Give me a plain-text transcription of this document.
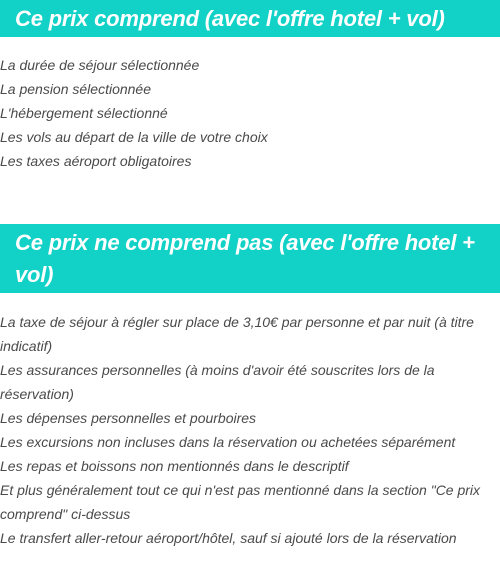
Ce prix comprend (avec l'offre hotel + vol)
La durée de séjour sélectionnée
La pension sélectionnée
L'hébergement sélectionné
Les vols au départ de la ville de votre choix
Les taxes aéroport obligatoires
Ce prix ne comprend pas (avec l'offre hotel + vol)
La taxe de séjour à régler sur place de 3,10€ par personne et par nuit (à titre indicatif)
Les assurances personnelles (à moins d'avoir été souscrites lors de la réservation)
Les dépenses personnelles et pourboires
Les excursions non incluses dans la réservation ou achetées séparément
Les repas et boissons non mentionnés dans le descriptif
Et plus généralement tout ce qui n'est pas mentionné dans la section "Ce prix comprend" ci-dessus
Le transfert aller-retour aéroport/hôtel, sauf si ajouté lors de la réservation
